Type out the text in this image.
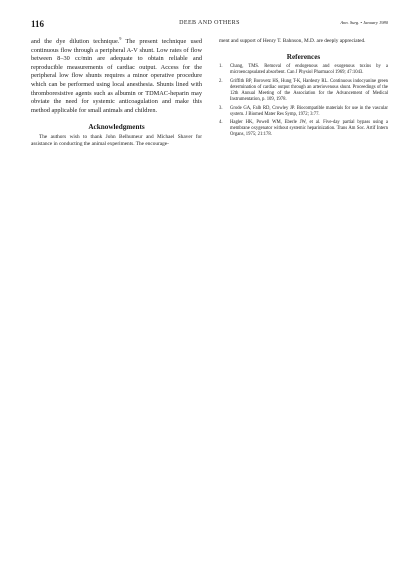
116	DEEB AND OTHERS	Ann. Surg. • January 1980

and the dye dilution technique.$^9$ The present technique used continuous flow through a peripheral A-V shunt. Low rates of flow between 8–30 cc/min are adequate to obtain reliable and reproducible measurements of cardiac output. Access for the peripheral low flow shunts requires a minor operative procedure which can be performed using local anesthesia. Shunts lined with thromboresistive agents such as albumin or TDMAC-heparin may obviate the need for systemic anticoagulation and make this method applicable for small animals and children.

Acknowledgments

The authors wish to thank John Belhumeur and Michael Shaver for assistance in conducting the animal experiments. The encourage-

ment and support of Henry T. Bahnson, M.D. are deeply appreciated.

References
1. Chang, TMS. Removal of endogenous and exogenous toxins by a microencapsulated absorbent. Can J Physiol Pharmacol 1969; 47:1043.
2. Griffith BP, Borovetz HS, Hung T-K, Hardesty RL. Continuous indocyanine green determination of cardiac output through an arteriovenous shunt. Proceedings of the 12th Annual Meeting of the Association for the Advancement of Medical Instrumentation, p. 109, 1978.
3. Grode GA, Falb RD, Crowley JP. Biocompatible materials for use in the vascular system. J Biomed Mater Res Symp, 1972; 3:77.
4. Hagler HK, Powell WM, Eberle JW, et al. Five-day partial bypass using a membrane oxygenator without systemic heparinization. Trans Am Soc. Artif Intern Organs, 1975; 21:178.
